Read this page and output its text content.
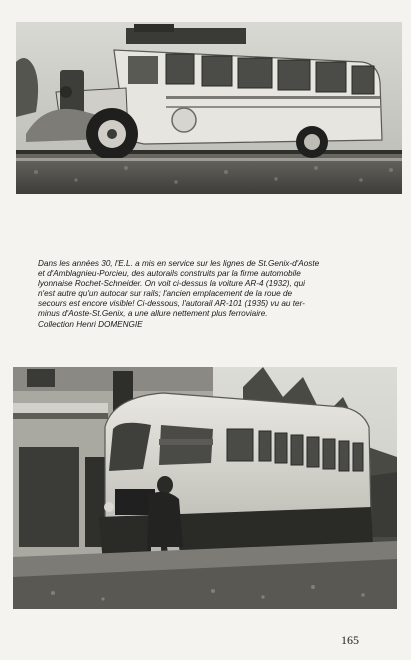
Dans les années 30, l'E.L. a mis en service sur les lignes de St.Genix-d'Aoste
et d'Amblagnieu-Porcieu, des autorails construits par la firme automobile
lyonnaise Rochet-Schneider. On voit ci-dessus la voiture AR-4 (1932), qui
n'est autre qu'un autocar sur rails; l'ancien emplacement de la roue de
secours est encore visible! Ci-dessous, l'autorail AR-101 (1935) vu au ter-
minus d'Aoste-St.Genix, a une allure nettement plus ferroviaire.
Collection Henri DOMENGIE
165
